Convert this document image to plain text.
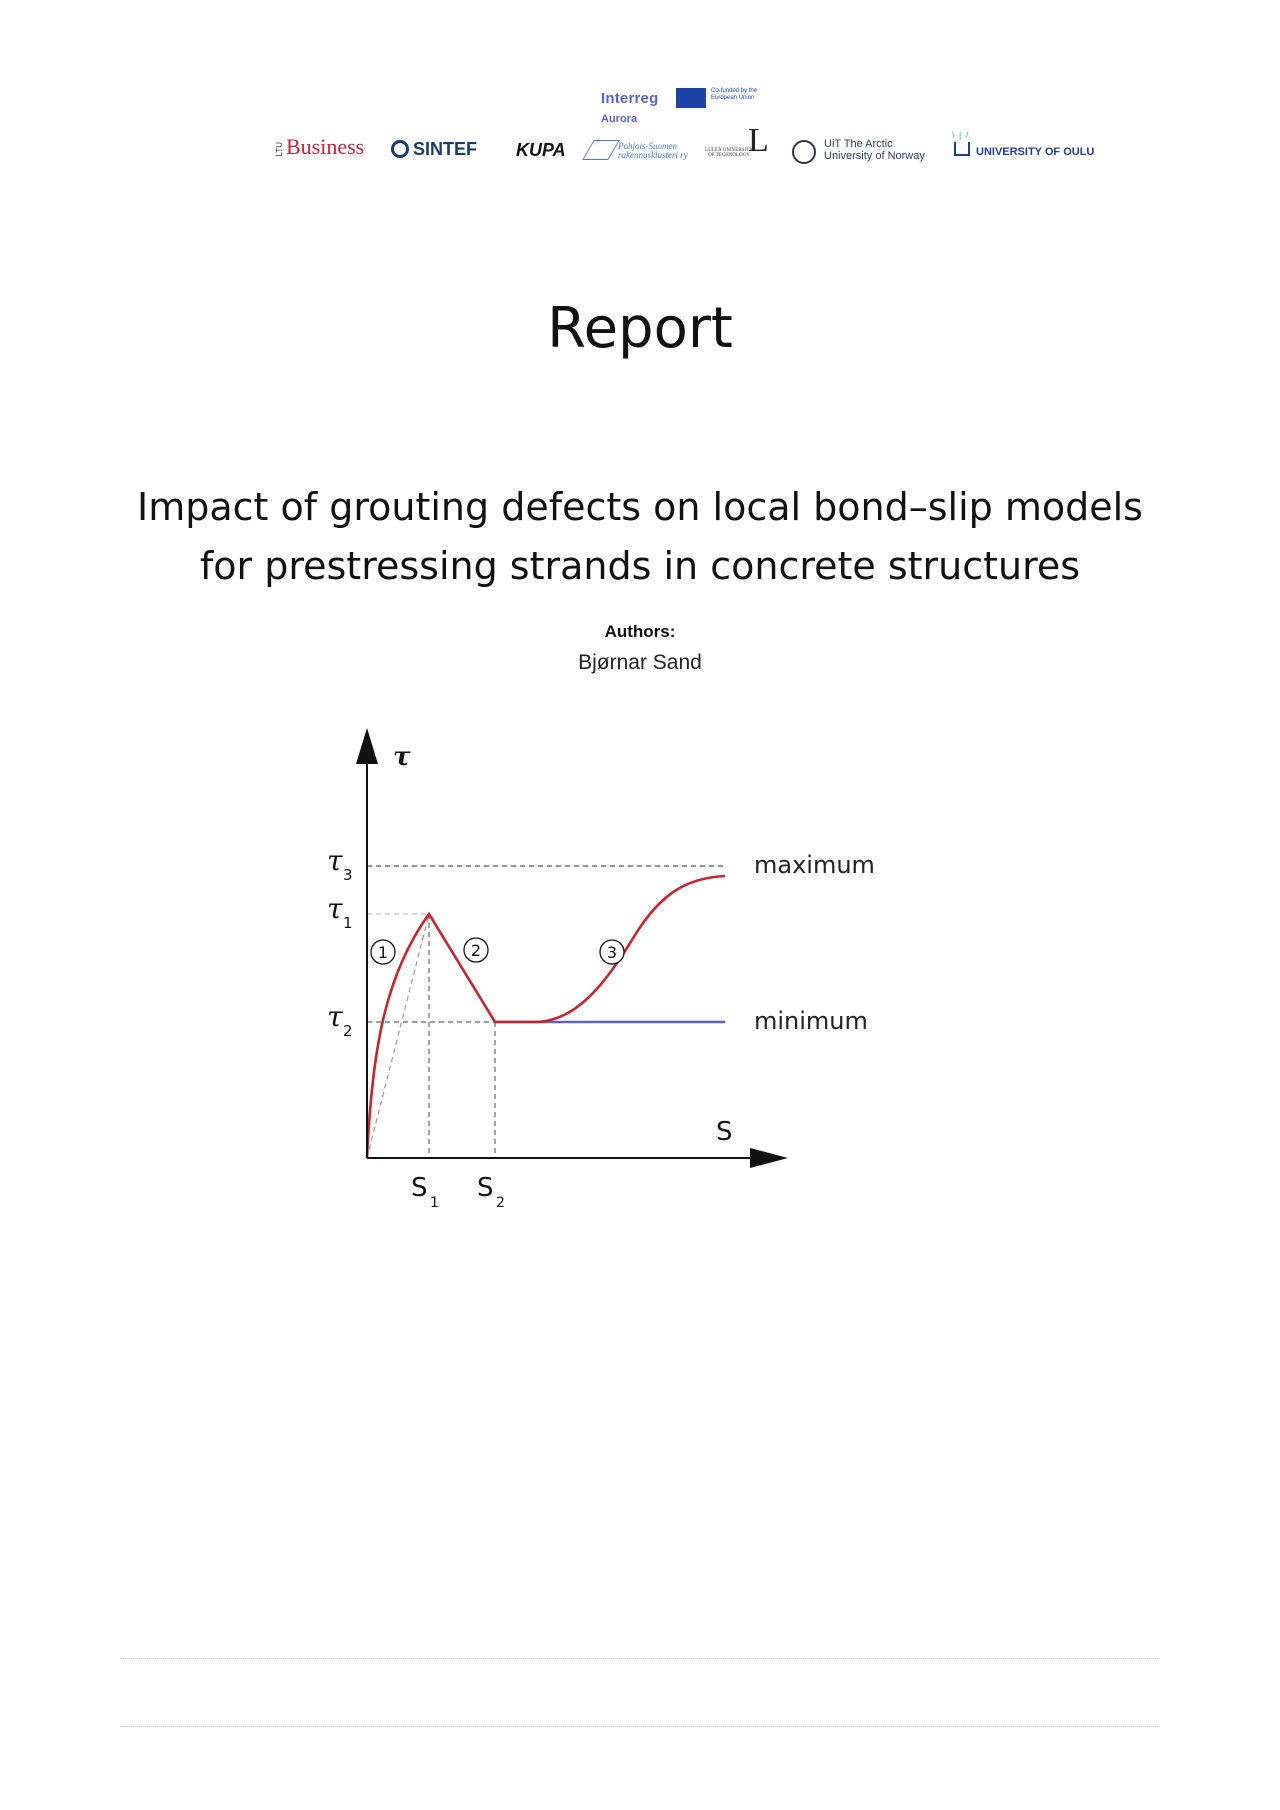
Interreg
Aurora
Co-funded by the European Union
LTUBusiness	SINTEF KUPA	Pohjois-Suomen
rakennusklusteri ry L
LULEÅ UNIVERSITY OF TECHNOLOGY
UiT The Arctic
University of Norway
\ | /
UNIVERSITY OF OULU
Report
Impact of grouting defects on local bond–slip models
for prestressing strands in concrete structures
Authors:
Bjørnar Sand
τ
S
τ 3
τ 1
τ 2
S 1 S 2
1	2	3
maximum
minimum
